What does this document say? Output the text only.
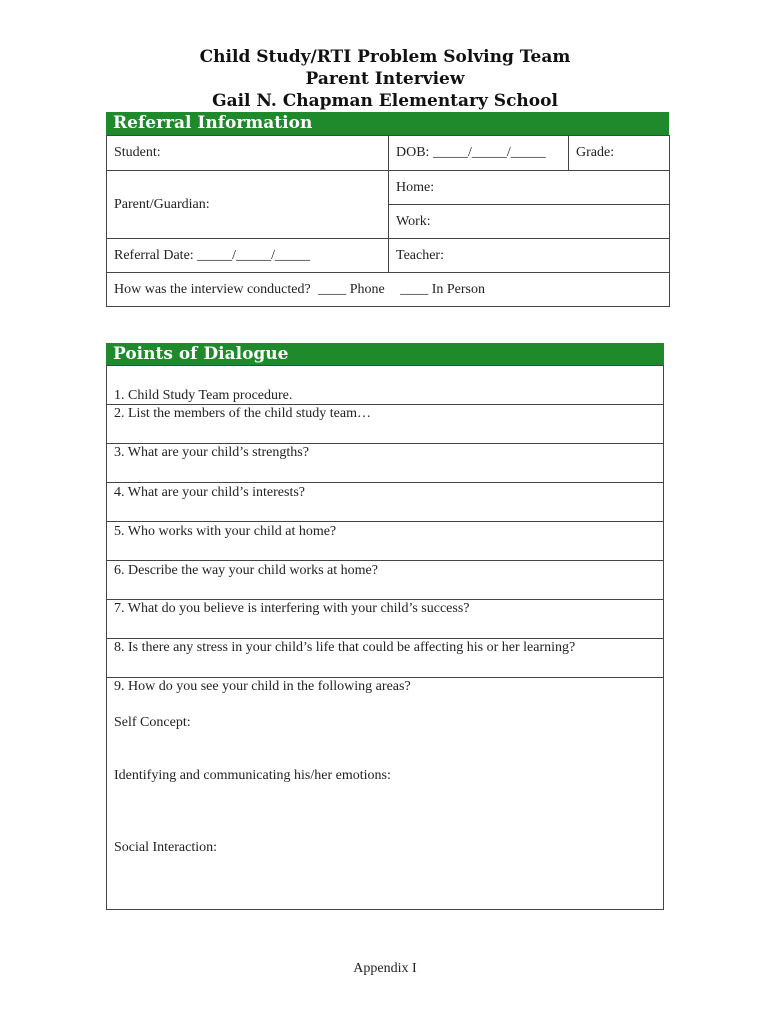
Child Study/RTI Problem Solving Team
Parent Interview
Gail N. Chapman Elementary School
Referral Information
Student:	DOB: _____/_____/_____	Grade:
Parent/Guardian:	Home:	
	Work:	
Referral Date: _____/_____/_____	Teacher:	
How was the interview conducted? ____ Phone ____ In Person		
Points of Dialogue
1. Child Study Team procedure.
2. List the members of the child study team…
3. What are your child’s strengths?
4. What are your child’s interests?
5. Who works with your child at home?
6. Describe the way your child works at home?
7. What do you believe is interfering with your child’s success?
8. Is there any stress in your child’s life that could be affecting his or her learning?
9. How do you see your child in the following areas?
Self Concept:
Identifying and communicating his/her emotions:
Social Interaction:
Appendix I
